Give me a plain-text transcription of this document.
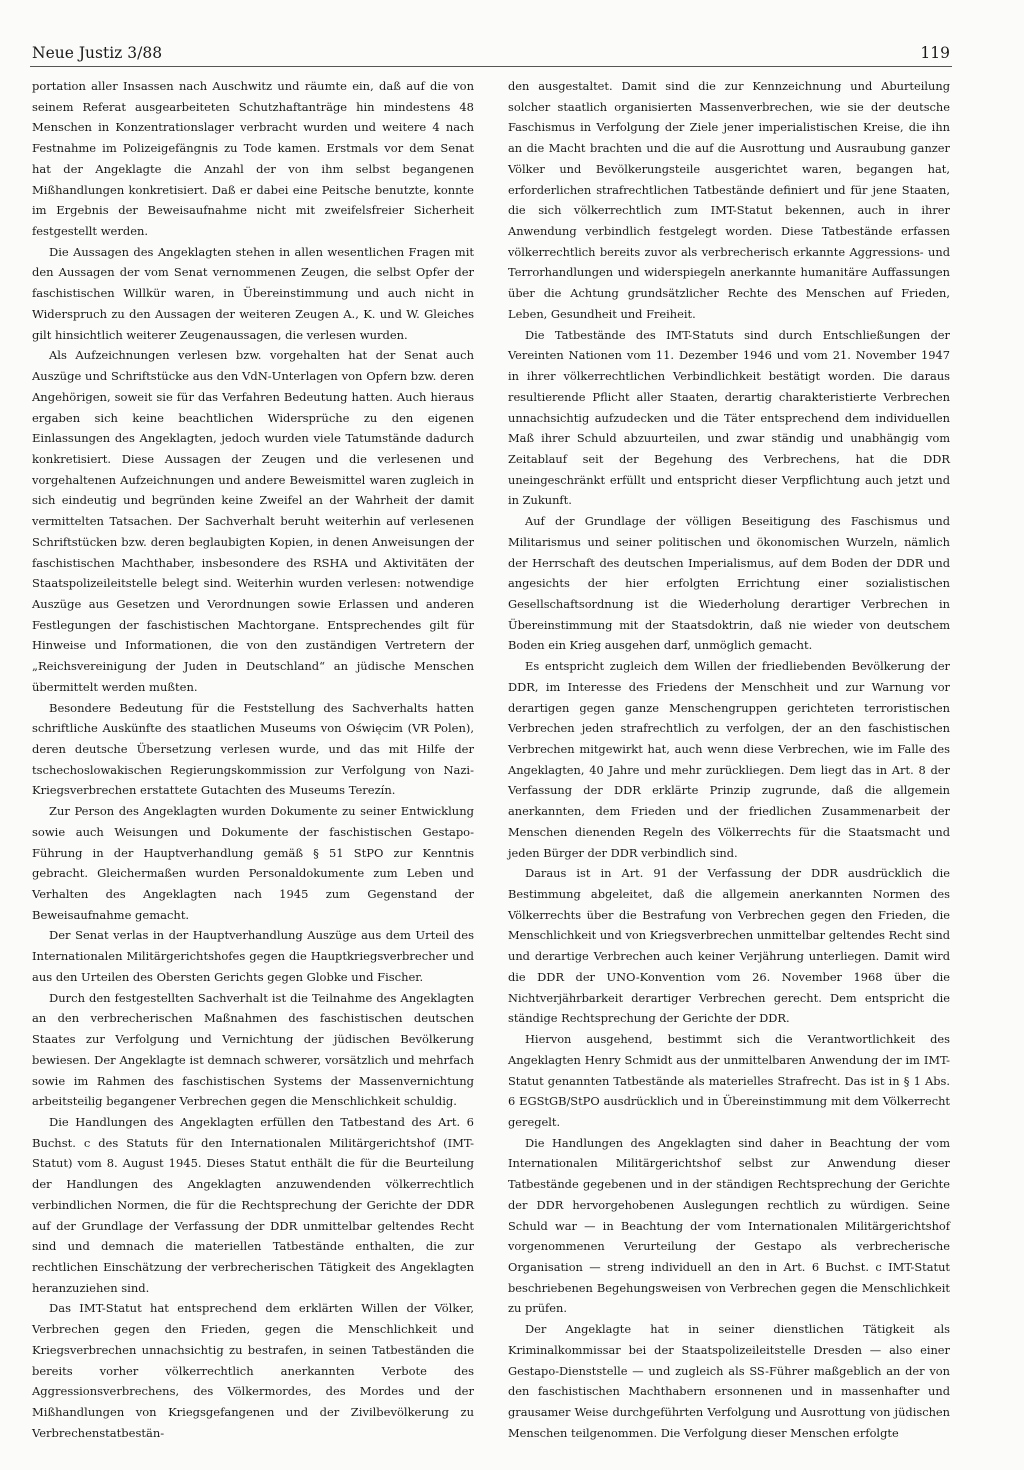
Neue Justiz 3/88	119

portation aller Insassen nach Auschwitz und räumte ein, daß auf die von seinem Referat ausgearbeiteten Schutzhaftanträge hin mindestens 48 Menschen in Konzentrationslager verbracht wurden und weitere 4 nach Festnahme im Polizeigefängnis zu Tode kamen. Erstmals vor dem Senat hat der Angeklagte die Anzahl der von ihm selbst begangenen Mißhandlungen konkretisiert. Daß er dabei eine Peitsche benutzte, konnte im Ergebnis der Beweisaufnahme nicht mit zweifelsfreier Sicherheit festgestellt werden.

Die Aussagen des Angeklagten stehen in allen wesentlichen Fragen mit den Aussagen der vom Senat vernommenen Zeugen, die selbst Opfer der faschistischen Willkür waren, in Übereinstimmung und auch nicht in Widerspruch zu den Aussagen der weiteren Zeugen A., K. und W. Gleiches gilt hinsichtlich weiterer Zeugenaussagen, die verlesen wurden.

Als Aufzeichnungen verlesen bzw. vorgehalten hat der Senat auch Auszüge und Schriftstücke aus den VdN-Unterlagen von Opfern bzw. deren Angehörigen, soweit sie für das Verfahren Bedeutung hatten. Auch hieraus ergaben sich keine beachtlichen Widersprüche zu den eigenen Einlassungen des Angeklagten, jedoch wurden viele Tatumstände dadurch konkretisiert. Diese Aussagen der Zeugen und die verlesenen und vorgehaltenen Aufzeichnungen und andere Beweismittel waren zugleich in sich eindeutig und begründen keine Zweifel an der Wahrheit der damit vermittelten Tatsachen. Der Sachverhalt beruht weiterhin auf verlesenen Schriftstücken bzw. deren beglaubigten Kopien, in denen Anweisungen der faschistischen Machthaber, insbesondere des RSHA und Aktivitäten der Staatspolizeileitstelle belegt sind. Weiterhin wurden verlesen: notwendige Auszüge aus Gesetzen und Verordnungen sowie Erlassen und anderen Festlegungen der faschistischen Machtorgane. Entsprechendes gilt für Hinweise und Informationen, die von den zuständigen Vertretern der „Reichsvereinigung der Juden in Deutschland“ an jüdische Menschen übermittelt werden mußten.

Besondere Bedeutung für die Feststellung des Sachverhalts hatten schriftliche Auskünfte des staatlichen Museums von Oświęcim (VR Polen), deren deutsche Übersetzung verlesen wurde, und das mit Hilfe der tschechoslowakischen Regierungskommission zur Verfolgung von Nazi-Kriegsverbrechen erstattete Gutachten des Museums Terezín.

Zur Person des Angeklagten wurden Dokumente zu seiner Entwicklung sowie auch Weisungen und Dokumente der faschistischen Gestapo-Führung in der Hauptverhandlung gemäß § 51 StPO zur Kenntnis gebracht. Gleichermaßen wurden Personaldokumente zum Leben und Verhalten des Angeklagten nach 1945 zum Gegenstand der Beweisaufnahme gemacht.

Der Senat verlas in der Hauptverhandlung Auszüge aus dem Urteil des Internationalen Militärgerichtshofes gegen die Hauptkriegsverbrecher und aus den Urteilen des Obersten Gerichts gegen Globke und Fischer.

Durch den festgestellten Sachverhalt ist die Teilnahme des Angeklagten an den verbrecherischen Maßnahmen des faschistischen deutschen Staates zur Verfolgung und Vernichtung der jüdischen Bevölkerung bewiesen. Der Angeklagte ist demnach schwerer, vorsätzlich und mehrfach sowie im Rahmen des faschistischen Systems der Massenvernichtung arbeitsteilig begangener Verbrechen gegen die Menschlichkeit schuldig.

Die Handlungen des Angeklagten erfüllen den Tatbestand des Art. 6 Buchst. c des Statuts für den Internationalen Militärgerichtshof (IMT-Statut) vom 8. August 1945. Dieses Statut enthält die für die Beurteilung der Handlungen des Angeklagten anzuwendenden völkerrechtlich verbindlichen Normen, die für die Rechtsprechung der Gerichte der DDR auf der Grundlage der Verfassung der DDR unmittelbar geltendes Recht sind und demnach die materiellen Tatbestände enthalten, die zur rechtlichen Einschätzung der verbrecherischen Tätigkeit des Angeklagten heranzuziehen sind.

Das IMT-Statut hat entsprechend dem erklärten Willen der Völker, Verbrechen gegen den Frieden, gegen die Menschlichkeit und Kriegsverbrechen unnachsichtig zu bestrafen, in seinen Tatbeständen die bereits vorher völkerrechtlich anerkannten Verbote des Aggressionsverbrechens, des Völkermordes, des Mordes und der Mißhandlungen von Kriegsgefangenen und der Zivilbevölkerung zu Verbrechenstatbestän-

den ausgestaltet. Damit sind die zur Kennzeichnung und Aburteilung solcher staatlich organisierten Massenverbrechen, wie sie der deutsche Faschismus in Verfolgung der Ziele jener imperialistischen Kreise, die ihn an die Macht brachten und die auf die Ausrottung und Ausraubung ganzer Völker und Bevölkerungsteile ausgerichtet waren, begangen hat, erforderlichen strafrechtlichen Tatbestände definiert und für jene Staaten, die sich völkerrechtlich zum IMT-Statut bekennen, auch in ihrer Anwendung verbindlich festgelegt worden. Diese Tatbestände erfassen völkerrechtlich bereits zuvor als verbrecherisch erkannte Aggressions- und Terrorhandlungen und widerspiegeln anerkannte humanitäre Auffassungen über die Achtung grundsätzlicher Rechte des Menschen auf Frieden, Leben, Gesundheit und Freiheit.

Die Tatbestände des IMT-Statuts sind durch Entschließungen der Vereinten Nationen vom 11. Dezember 1946 und vom 21. November 1947 in ihrer völkerrechtlichen Verbindlichkeit bestätigt worden. Die daraus resultierende Pflicht aller Staaten, derartig charakteristierte Verbrechen unnachsichtig aufzudecken und die Täter entsprechend dem individuellen Maß ihrer Schuld abzuurteilen, und zwar ständig und unabhängig vom Zeitablauf seit der Begehung des Verbrechens, hat die DDR uneingeschränkt erfüllt und entspricht dieser Verpflichtung auch jetzt und in Zukunft.

Auf der Grundlage der völligen Beseitigung des Faschismus und Militarismus und seiner politischen und ökonomischen Wurzeln, nämlich der Herrschaft des deutschen Imperialismus, auf dem Boden der DDR und angesichts der hier erfolgten Errichtung einer sozialistischen Gesellschaftsordnung ist die Wiederholung derartiger Verbrechen in Übereinstimmung mit der Staatsdoktrin, daß nie wieder von deutschem Boden ein Krieg ausgehen darf, unmöglich gemacht.

Es entspricht zugleich dem Willen der friedliebenden Bevölkerung der DDR, im Interesse des Friedens der Menschheit und zur Warnung vor derartigen gegen ganze Menschengruppen gerichteten terroristischen Verbrechen jeden strafrechtlich zu verfolgen, der an den faschistischen Verbrechen mitgewirkt hat, auch wenn diese Verbrechen, wie im Falle des Angeklagten, 40 Jahre und mehr zurückliegen. Dem liegt das in Art. 8 der Verfassung der DDR erklärte Prinzip zugrunde, daß die allgemein anerkannten, dem Frieden und der friedlichen Zusammenarbeit der Menschen dienenden Regeln des Völkerrechts für die Staatsmacht und jeden Bürger der DDR verbindlich sind.

Daraus ist in Art. 91 der Verfassung der DDR ausdrücklich die Bestimmung abgeleitet, daß die allgemein anerkannten Normen des Völkerrechts über die Bestrafung von Verbrechen gegen den Frieden, die Menschlichkeit und von Kriegsverbrechen unmittelbar geltendes Recht sind und derartige Verbrechen auch keiner Verjährung unterliegen. Damit wird die DDR der UNO-Konvention vom 26. November 1968 über die Nichtverjährbarkeit derartiger Verbrechen gerecht. Dem entspricht die ständige Rechtsprechung der Gerichte der DDR.

Hiervon ausgehend, bestimmt sich die Verantwortlichkeit des Angeklagten Henry Schmidt aus der unmittelbaren Anwendung der im IMT-Statut genannten Tatbestände als materielles Strafrecht. Das ist in § 1 Abs. 6 EGStGB/StPO ausdrücklich und in Übereinstimmung mit dem Völkerrecht geregelt.

Die Handlungen des Angeklagten sind daher in Beachtung der vom Internationalen Militärgerichtshof selbst zur Anwendung dieser Tatbestände gegebenen und in der ständigen Rechtsprechung der Gerichte der DDR hervorgehobenen Auslegungen rechtlich zu würdigen. Seine Schuld war — in Beachtung der vom Internationalen Militärgerichtshof vorgenommenen Verurteilung der Gestapo als verbrecherische Organisation — streng individuell an den in Art. 6 Buchst. c IMT-Statut beschriebenen Begehungsweisen von Verbrechen gegen die Menschlichkeit zu prüfen.

Der Angeklagte hat in seiner dienstlichen Tätigkeit als Kriminalkommissar bei der Staatspolizeileitstelle Dresden — also einer Gestapo-Dienststelle — und zugleich als SS-Führer maßgeblich an der von den faschistischen Machthabern ersonnenen und in massenhafter und grausamer Weise durchgeführten Verfolgung und Ausrottung von jüdischen Menschen teilgenommen. Die Verfolgung dieser Menschen erfolgte
